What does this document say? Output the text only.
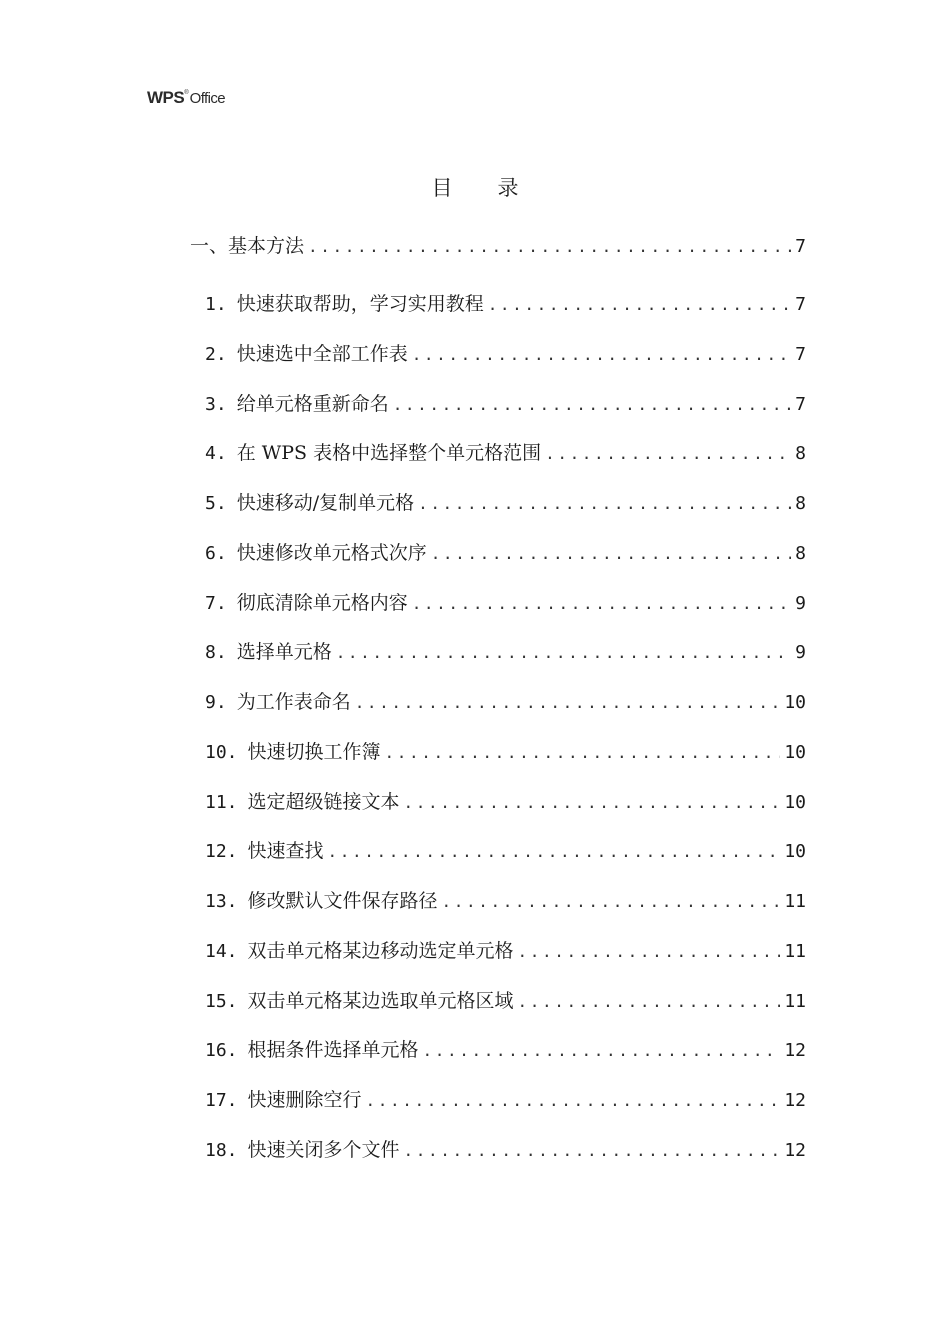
WPS ® Office
目录
一、基本方法 .....	7
1. 快速获取帮助，学习实用教程 .....	7
2. 快速选中全部工作表 .....	7
3. 给单元格重新命名 .....	7
4. 在 WPS 表格中选择整个单元格范围 .....	8
5. 快速移动/复制单元格 .....	8
6. 快速修改单元格式次序 .....	8
7. 彻底清除单元格内容 .....	9
8. 选择单元格 .....	9
9. 为工作表命名 .....	10
10. 快速切换工作簿 .....	10
11. 选定超级链接文本 .....	10
12. 快速查找 .....	10
13. 修改默认文件保存路径 .....	11
14. 双击单元格某边移动选定单元格 .....	11
15. 双击单元格某边选取单元格区域 .....	11
16. 根据条件选择单元格 .....	12
17. 快速删除空行 .....	12
18. 快速关闭多个文件 .....	12
